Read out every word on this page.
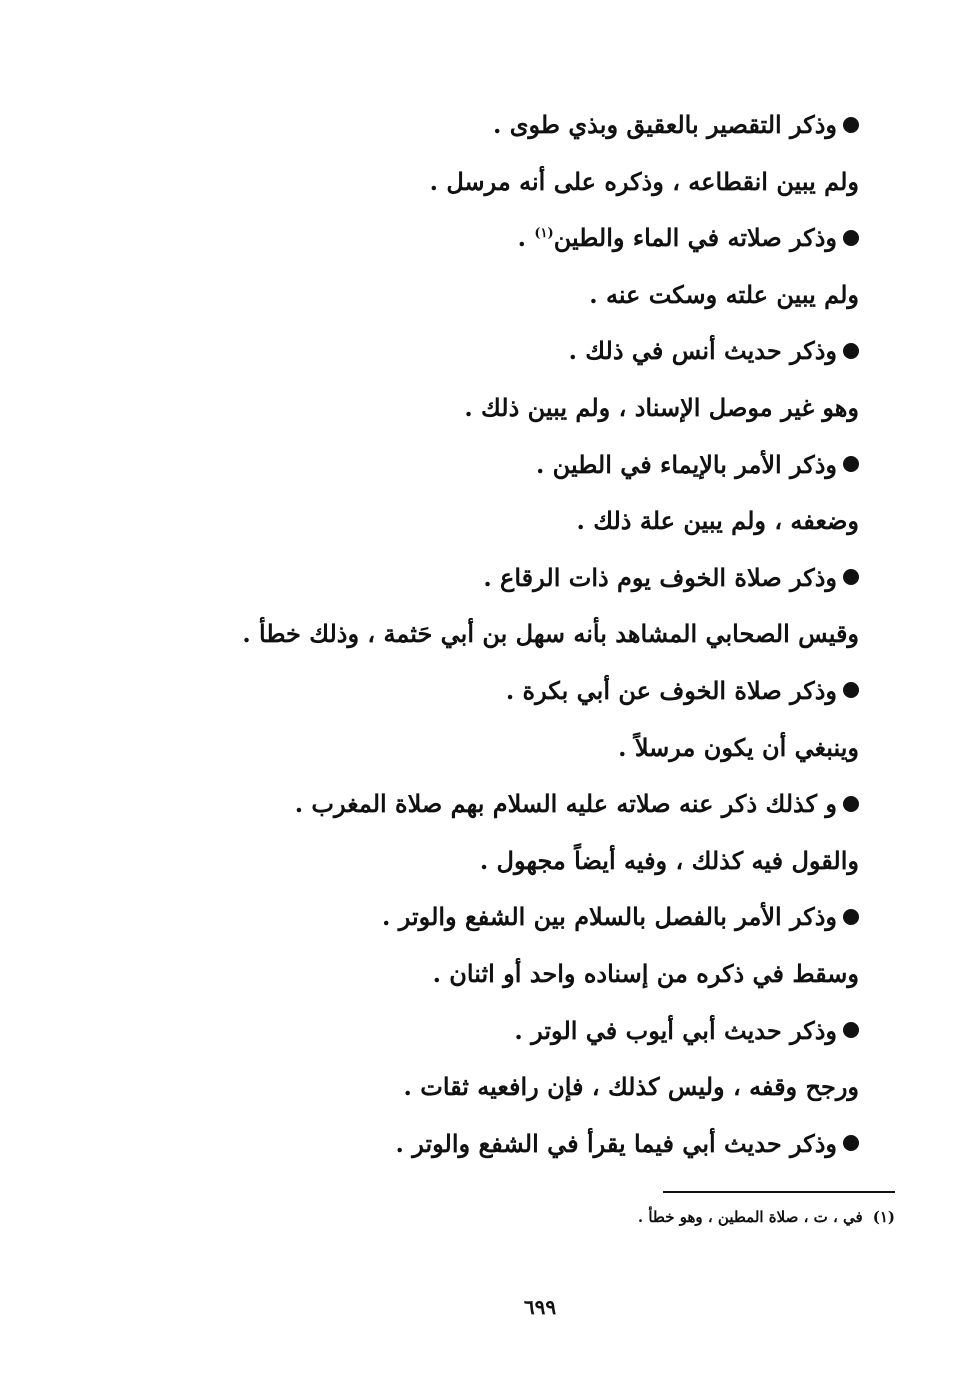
وذكر التقصير بالعقيق وبذي طوى .
ولم يبين انقطاعه ، وذكره على أنه مرسل .
وذكر صلاته في الماء والطين$^{(١)}$ .
ولم يبين علته وسكت عنه .
وذكر حديث أنس في ذلك .
وهو غير موصل الإسناد ، ولم يبين ذلك .
وذكر الأمر بالإيماء في الطين .
وضعفه ، ولم يبين علة ذلك .
وذكر صلاة الخوف يوم ذات الرقاع .
وقيس الصحابي المشاهد بأنه سهل بن أبي حَثمة ، وذلك خطأ .
وذكر صلاة الخوف عن أبي بكرة .
وينبغي أن يكون مرسلاً .
و كذلك ذكر عنه صلاته عليه السلام بهم صلاة المغرب .
والقول فيه كذلك ، وفيه أيضاً مجهول .
وذكر الأمر بالفصل بالسلام بين الشفع والوتر .
وسقط في ذكره من إسناده واحد أو اثنان .
وذكر حديث أبي أيوب في الوتر .
ورجح وقفه ، وليس كذلك ، فإن رافعيه ثقات .
وذكر حديث أبي فيما يقرأ في الشفع والوتر .
(١)في ، ت ، صلاة المطين ، وهو خطأ .
٦٩٩
